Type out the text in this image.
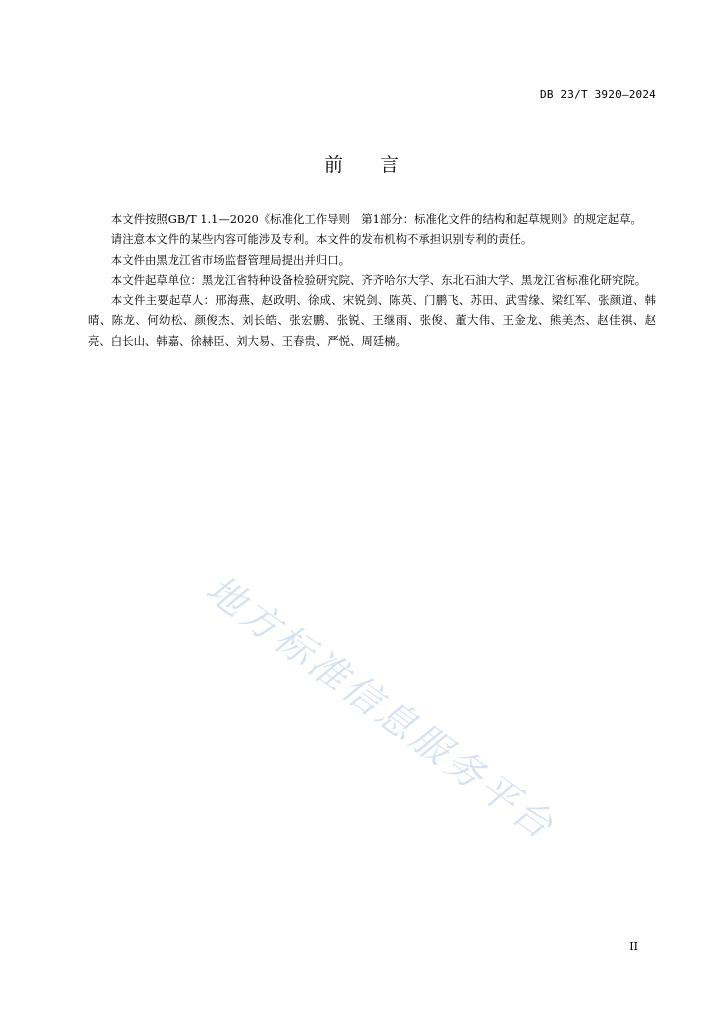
DB 23/T 3920—2024
前 言

本文件按照GB/T 1.1—2020《标准化工作导则　第1部分：标准化文件的结构和起草规则》的规定起草。

请注意本文件的某些内容可能涉及专利。本文件的发布机构不承担识别专利的责任。

本文件由黑龙江省市场监督管理局提出并归口。

本文件起草单位：黑龙江省特种设备检验研究院、齐齐哈尔大学、东北石油大学、黑龙江省标准化研究院。

本文件主要起草人：邢海燕、赵政明、徐成、宋锐剑、陈英、门鹏飞、苏田、武雪缘、梁红军、张颜道、韩晴、陈龙、何幼松、颜俊杰、刘长皓、张宏鹏、张锐、王继雨、张俊、董大伟、王金龙、熊美杰、赵佳祺、赵亮、白长山、韩嘉、徐赫臣、刘大易、王春贵、严悦、周廷楠。

地方标准信息服务平台
II
